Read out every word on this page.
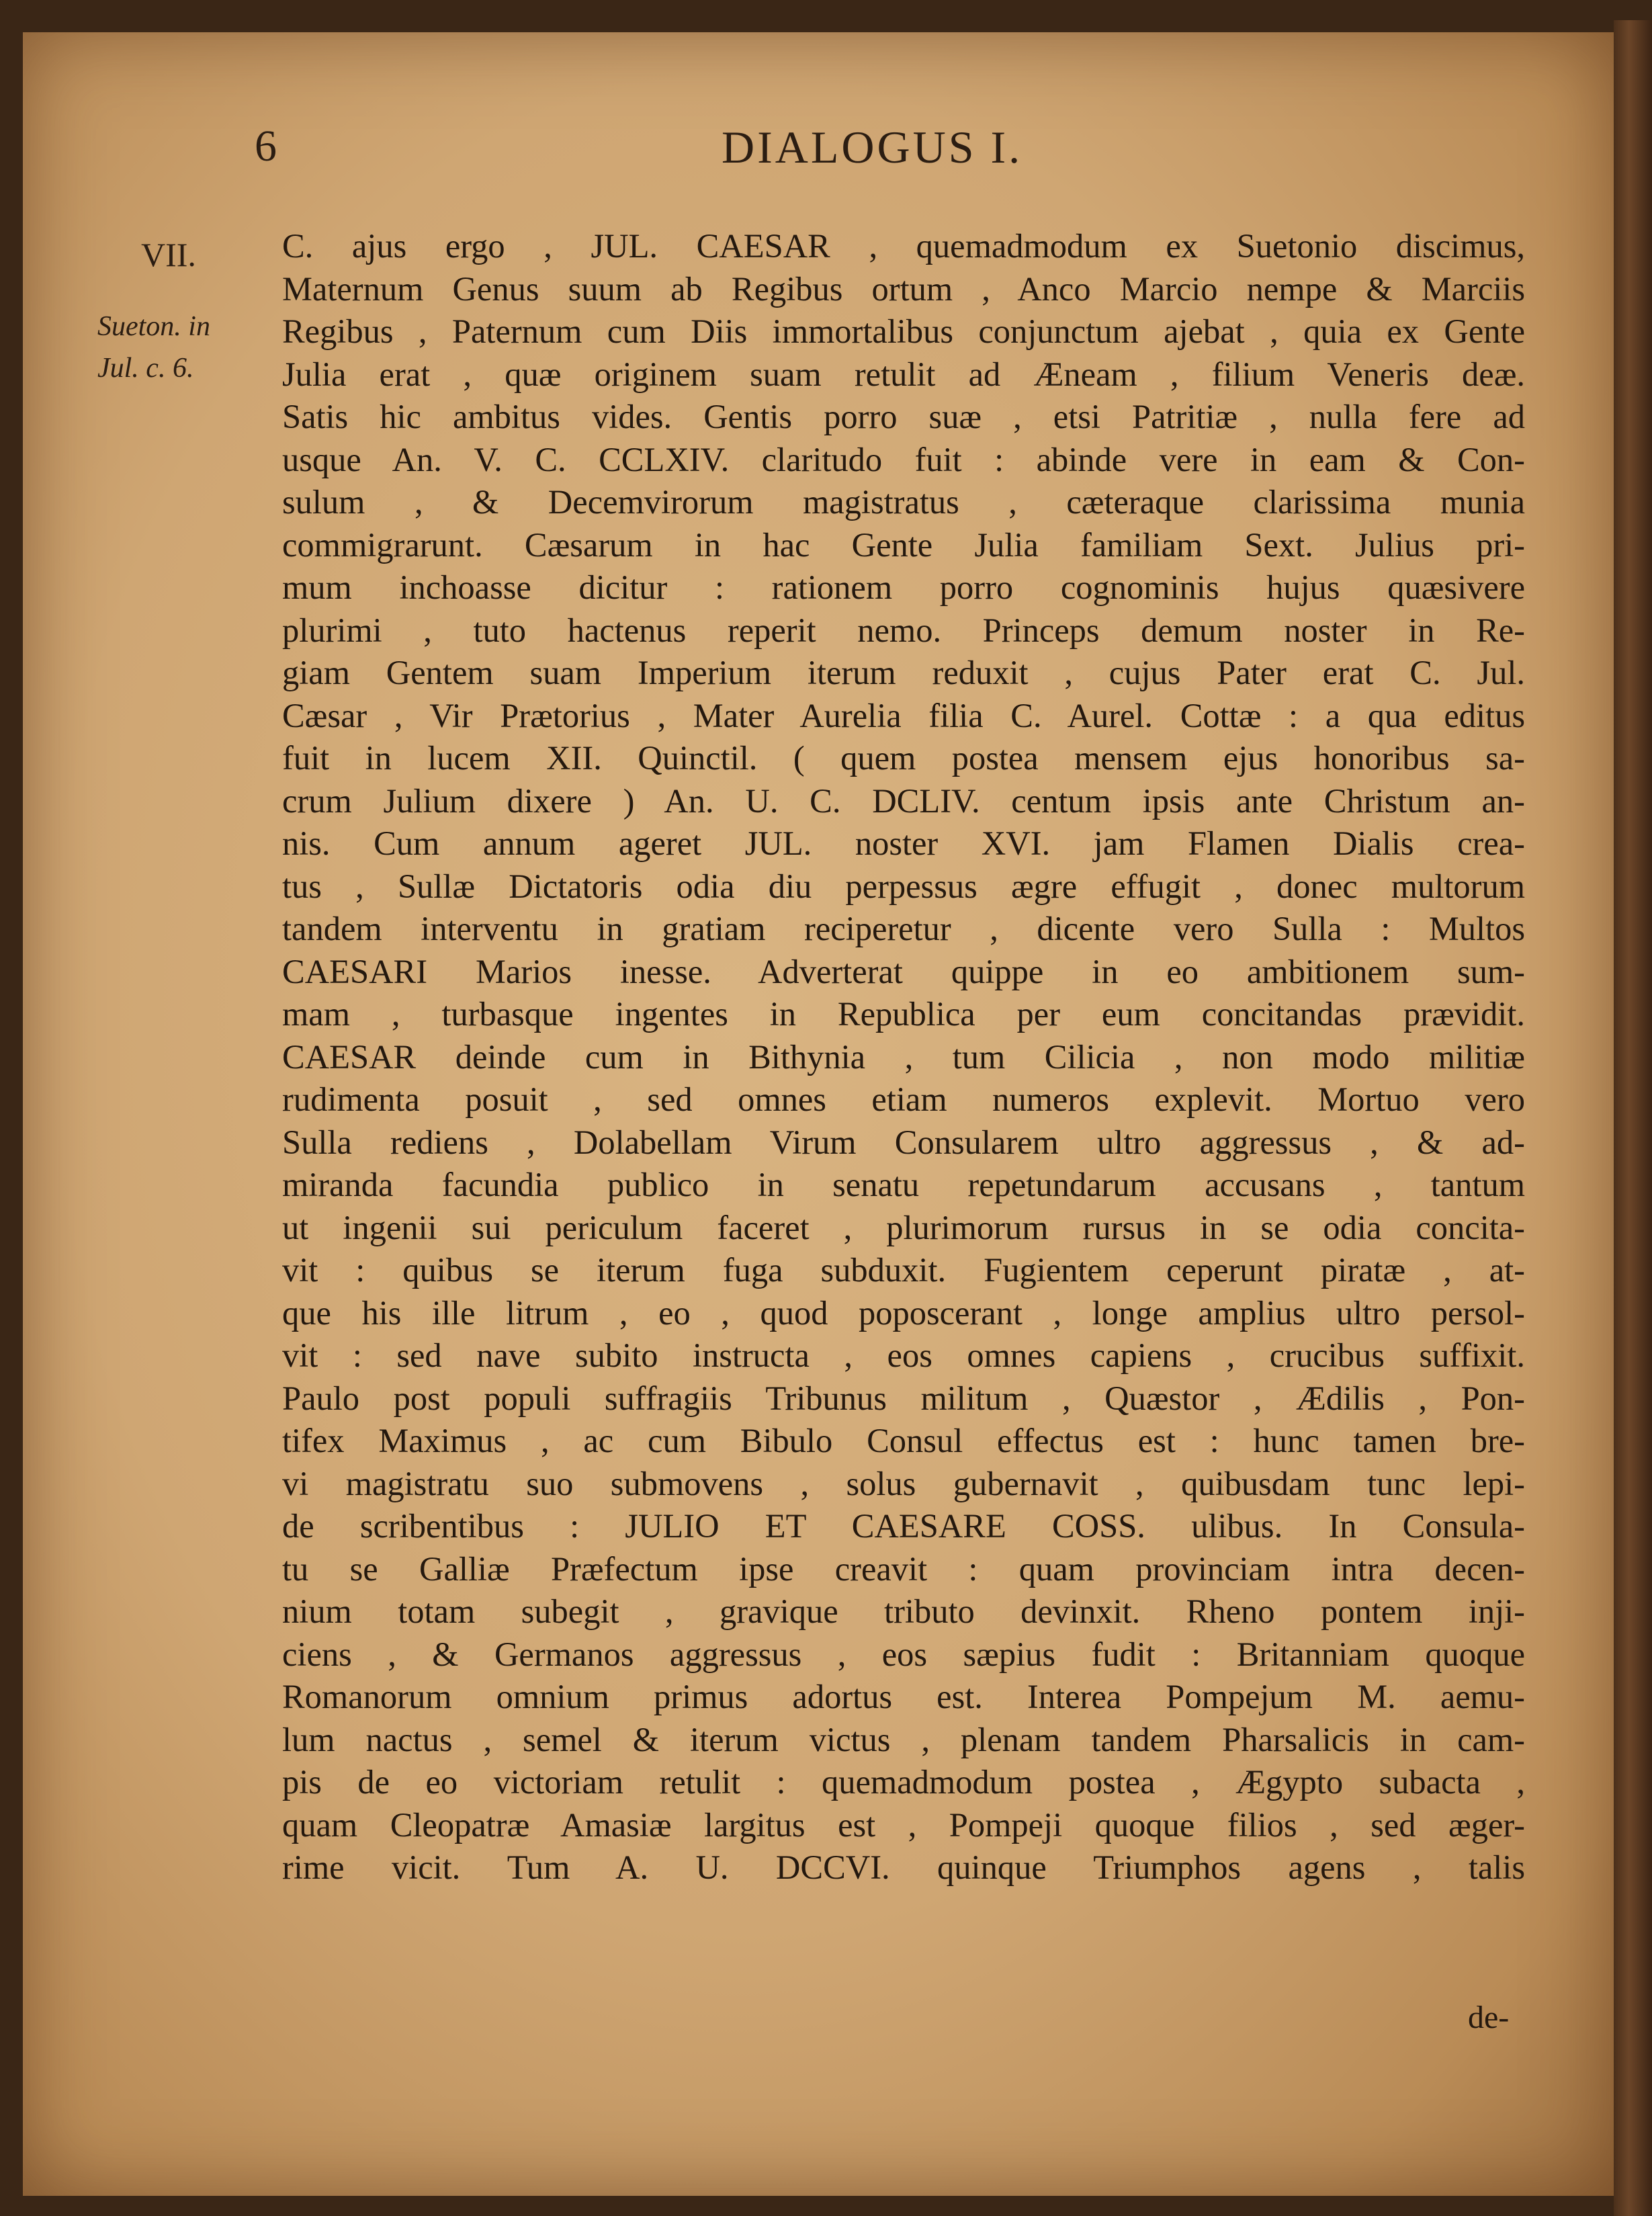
6	DIALOGUS I.
VII.
Sueton. in
Jul. c. 6.
C. ajus ergo , JUL. CAESAR , quemadmodum ex Suetonio discimus,
Maternum Genus suum ab Regibus ortum , Anco Marcio nempe & Marciis
Regibus , Paternum cum Diis immortalibus conjunctum ajebat , quia ex Gente
Julia erat , quæ originem suam retulit ad Æneam , filium Veneris deæ.
Satis hic ambitus vides. Gentis porro suæ , etsi Patritiæ , nulla fere ad
usque An. V. C. CCLXIV. claritudo fuit : abinde vere in eam & Con-
sulum , & Decemvirorum magistratus , cæteraque clarissima munia
commigrarunt. Cæsarum in hac Gente Julia familiam Sext. Julius pri-
mum inchoasse dicitur : rationem porro cognominis hujus quæsivere
plurimi , tuto hactenus reperit nemo. Princeps demum noster in Re-
giam Gentem suam Imperium iterum reduxit , cujus Pater erat C. Jul.
Cæsar , Vir Prætorius , Mater Aurelia filia C. Aurel. Cottæ : a qua editus
fuit in lucem XII. Quinctil. ( quem postea mensem ejus honoribus sa-
crum Julium dixere ) An. U. C. DCLIV. centum ipsis ante Christum an-
nis. Cum annum ageret JUL. noster XVI. jam Flamen Dialis crea-
tus , Sullæ Dictatoris odia diu perpessus ægre effugit , donec multorum
tandem interventu in gratiam reciperetur , dicente vero Sulla : Multos
CAESARI Marios inesse. Adverterat quippe in eo ambitionem sum-
mam , turbasque ingentes in Republica per eum concitandas prævidit.
CAESAR deinde cum in Bithynia , tum Cilicia , non modo militiæ
rudimenta posuit , sed omnes etiam numeros explevit. Mortuo vero
Sulla rediens , Dolabellam Virum Consularem ultro aggressus , & ad-
miranda facundia publico in senatu repetundarum accusans , tantum
ut ingenii sui periculum faceret , plurimorum rursus in se odia concita-
vit : quibus se iterum fuga subduxit. Fugientem ceperunt piratæ , at-
que his ille litrum , eo , quod poposcerant , longe amplius ultro persol-
vit : sed nave subito instructa , eos omnes capiens , crucibus suffixit.
Paulo post populi suffragiis Tribunus militum , Quæstor , Ædilis , Pon-
tifex Maximus , ac cum Bibulo Consul effectus est : hunc tamen bre-
vi magistratu suo submovens , solus gubernavit , quibusdam tunc lepi-
de scribentibus : JULIO ET CAESARE COSS. ulibus. In Consula-
tu se Galliæ Præfectum ipse creavit : quam provinciam intra decen-
nium totam subegit , gravique tributo devinxit. Rheno pontem inji-
ciens , & Germanos aggressus , eos sæpius fudit : Britanniam quoque
Romanorum omnium primus adortus est. Interea Pompejum M. aemu-
lum nactus , semel & iterum victus , plenam tandem Pharsalicis in cam-
pis de eo victoriam retulit : quemadmodum postea , Ægypto subacta ,
quam Cleopatræ Amasiæ largitus est , Pompeji quoque filios , sed æger-
rime vicit. Tum A. U. DCCVI. quinque Triumphos agens , talis
de-
